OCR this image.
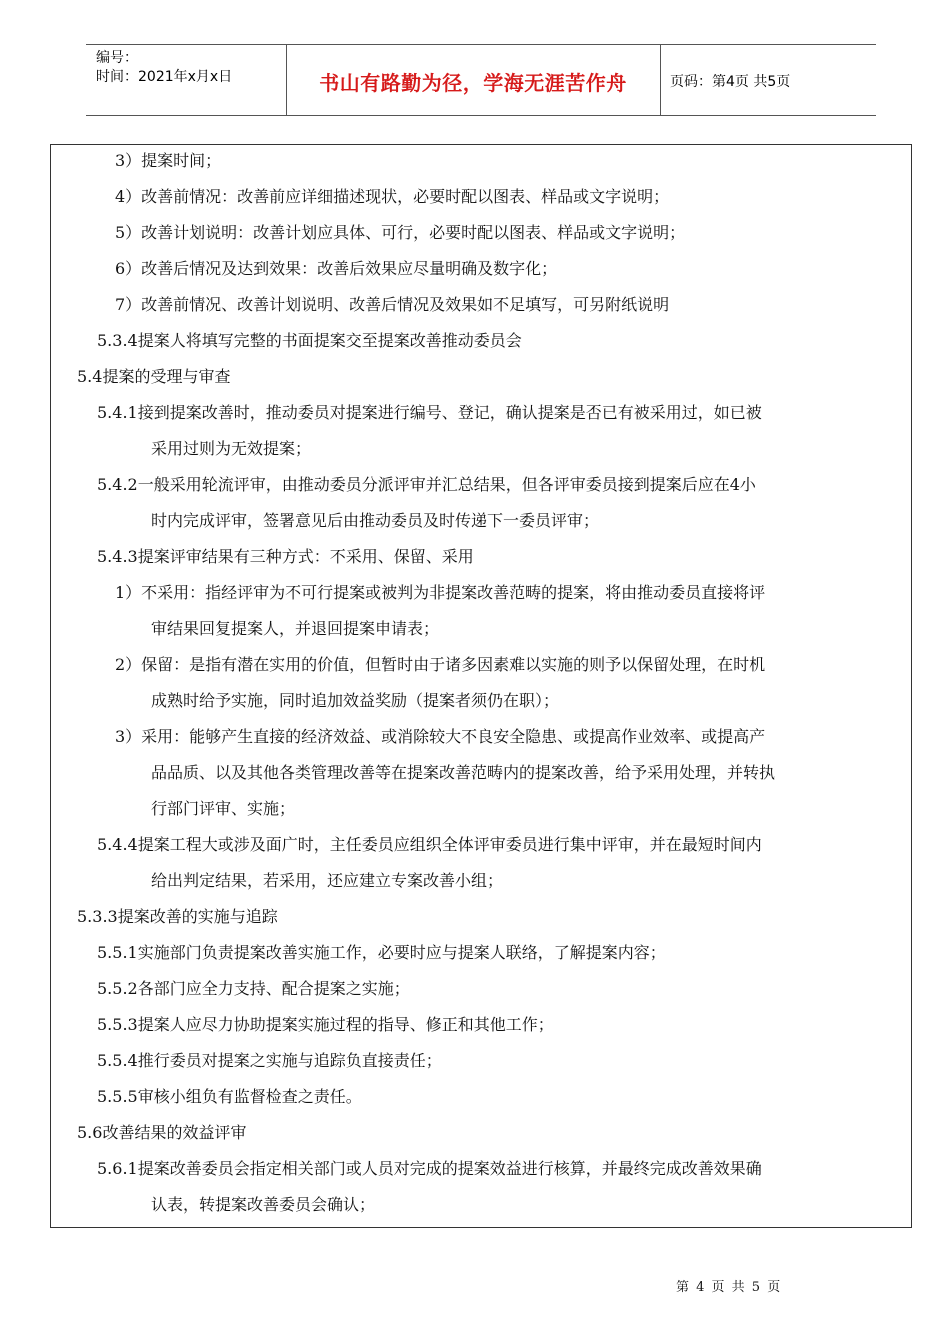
编号：
时间：2021年x月x日	书山有路勤为径，学海无涯苦作舟	页码：第4页 共5页
3）提案时间；
4）改善前情况：改善前应详细描述现状，必要时配以图表、样品或文字说明；
5）改善计划说明：改善计划应具体、可行，必要时配以图表、样品或文字说明；
6）改善后情况及达到效果：改善后效果应尽量明确及数字化；
7）改善前情况、改善计划说明、改善后情况及效果如不足填写，可另附纸说明
5.3.4提案人将填写完整的书面提案交至提案改善推动委员会
5.4提案的受理与审查
5.4.1接到提案改善时，推动委员对提案进行编号、登记，确认提案是否已有被采用过，如已被
采用过则为无效提案；
5.4.2一般采用轮流评审，由推动委员分派评审并汇总结果，但各评审委员接到提案后应在4小
时内完成评审，签署意见后由推动委员及时传递下一委员评审；
5.4.3提案评审结果有三种方式：不采用、保留、采用
1）不采用：指经评审为不可行提案或被判为非提案改善范畴的提案，将由推动委员直接将评
审结果回复提案人，并退回提案申请表；
2）保留：是指有潜在实用的价值，但暂时由于诸多因素难以实施的则予以保留处理，在时机
成熟时给予实施，同时追加效益奖励（提案者须仍在职）；
3）采用：能够产生直接的经济效益、或消除较大不良安全隐患、或提高作业效率、或提高产
品品质、以及其他各类管理改善等在提案改善范畴内的提案改善，给予采用处理，并转执
行部门评审、实施；
5.4.4提案工程大或涉及面广时，主任委员应组织全体评审委员进行集中评审，并在最短时间内
给出判定结果，若采用，还应建立专案改善小组；
5.3.3提案改善的实施与追踪
5.5.1实施部门负责提案改善实施工作，必要时应与提案人联络，了解提案内容；
5.5.2各部门应全力支持、配合提案之实施；
5.5.3提案人应尽力协助提案实施过程的指导、修正和其他工作；
5.5.4推行委员对提案之实施与追踪负直接责任；
5.5.5审核小组负有监督检查之责任。
5.6改善结果的效益评审
5.6.1提案改善委员会指定相关部门或人员对完成的提案效益进行核算，并最终完成改善效果确
认表，转提案改善委员会确认；
第 4 页 共 5 页
